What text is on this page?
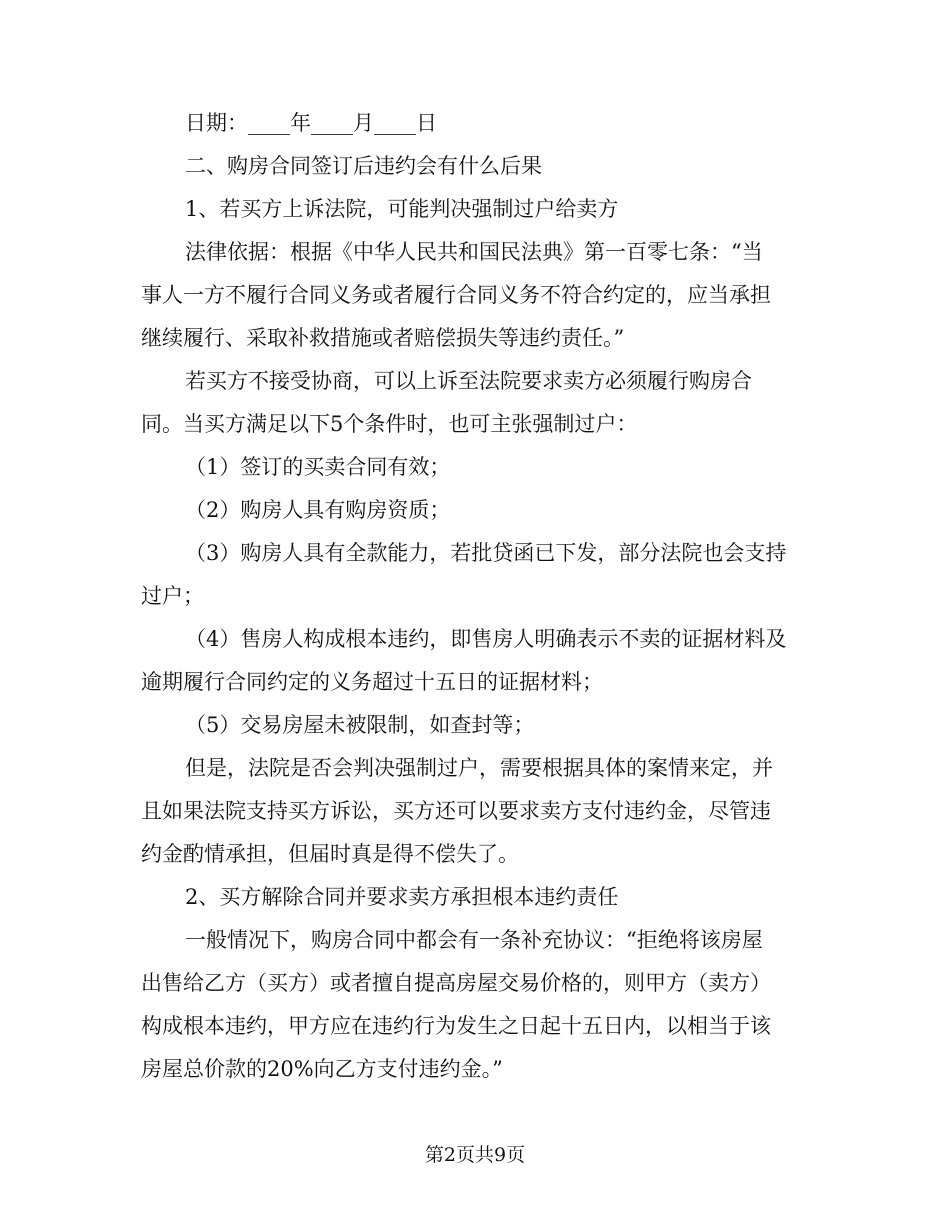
日期：____年____月____日
二、购房合同签订后违约会有什么后果
1、若买方上诉法院，可能判决强制过户给卖方
法律依据：根据《中华人民共和国民法典》第一百零七条：“当
事人一方不履行合同义务或者履行合同义务不符合约定的，应当承担
继续履行、采取补救措施或者赔偿损失等违约责任。”
若买方不接受协商，可以上诉至法院要求卖方必须履行购房合
同。当买方满足以下5个条件时，也可主张强制过户：
（1）签订的买卖合同有效；
（2）购房人具有购房资质；
（3）购房人具有全款能力，若批贷函已下发，部分法院也会支持
过户；
（4）售房人构成根本违约，即售房人明确表示不卖的证据材料及
逾期履行合同约定的义务超过十五日的证据材料；
（5）交易房屋未被限制，如查封等；
但是，法院是否会判决强制过户，需要根据具体的案情来定，并
且如果法院支持买方诉讼，买方还可以要求卖方支付违约金，尽管违
约金酌情承担，但届时真是得不偿失了。
2、买方解除合同并要求卖方承担根本违约责任
一般情况下，购房合同中都会有一条补充协议：“拒绝将该房屋
出售给乙方（买方）或者擅自提高房屋交易价格的，则甲方（卖方）
构成根本违约，甲方应在违约行为发生之日起十五日内，以相当于该
房屋总价款的20%向乙方支付违约金。”
第2页共9页
